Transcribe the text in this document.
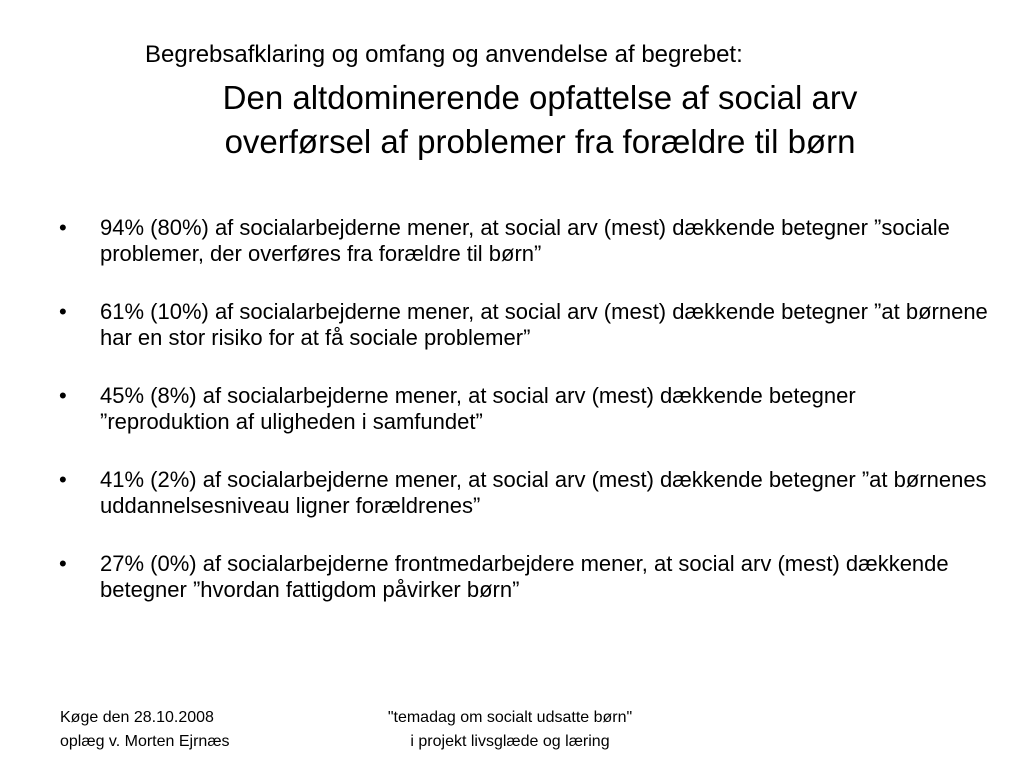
Begrebsafklaring og omfang og anvendelse af begrebet:
Den altdominerende opfattelse af social arv
overførsel af problemer fra forældre til børn
•	94% (80%) af socialarbejderne mener, at social arv (mest) dækkende betegner ”sociale problemer, der overføres fra forældre til børn”
•	61% (10%) af socialarbejderne mener, at social arv (mest) dækkende betegner ”at børnene har en stor risiko for at få sociale problemer”
•	45% (8%) af socialarbejderne mener, at social arv (mest) dækkende betegner ”reproduktion af uligheden i samfundet”
•	41% (2%) af socialarbejderne mener, at social arv (mest) dækkende betegner ”at børnenes uddannelsesniveau ligner forældrenes”
•	27% (0%) af socialarbejderne frontmedarbejdere mener, at social arv (mest) dækkende betegner ”hvordan fattigdom påvirker børn”
Køge den 28.10.2008
oplæg v. Morten Ejrnæs
"temadag om socialt udsatte børn"
i projekt livsglæde og læring
